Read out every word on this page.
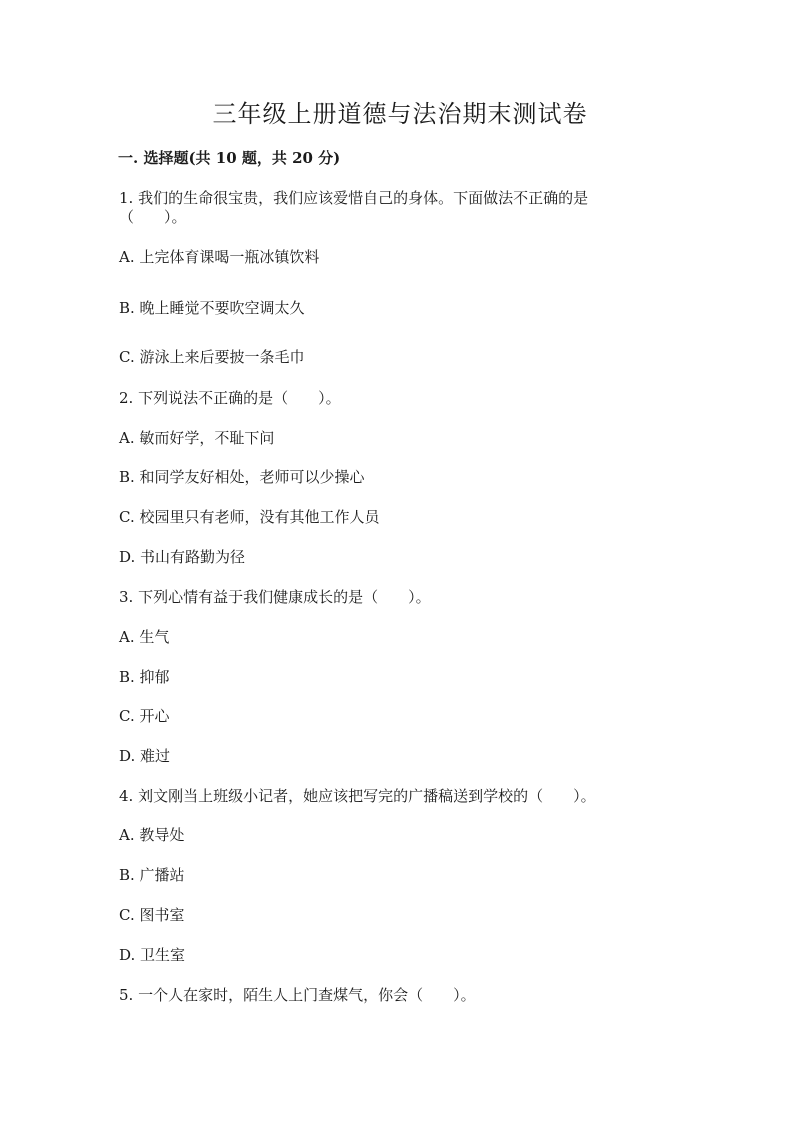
三年级上册道德与法治期末测试卷
一. 选择题(共 10 题，共 20 分)
1. 我们的生命很宝贵，我们应该爱惜自己的身体。下面做法不正确的是
（　　）。
A. 上完体育课喝一瓶冰镇饮料
B. 晚上睡觉不要吹空调太久
C. 游泳上来后要披一条毛巾
2. 下列说法不正确的是（　　）。
A. 敏而好学，不耻下问
B. 和同学友好相处，老师可以少操心
C. 校园里只有老师，没有其他工作人员
D. 书山有路勤为径
3. 下列心情有益于我们健康成长的是（　　）。
A. 生气
B. 抑郁
C. 开心
D. 难过
4. 刘文刚当上班级小记者，她应该把写完的广播稿送到学校的（　　）。
A. 教导处
B. 广播站
C. 图书室
D. 卫生室
5. 一个人在家时，陌生人上门查煤气，你会（　　）。
